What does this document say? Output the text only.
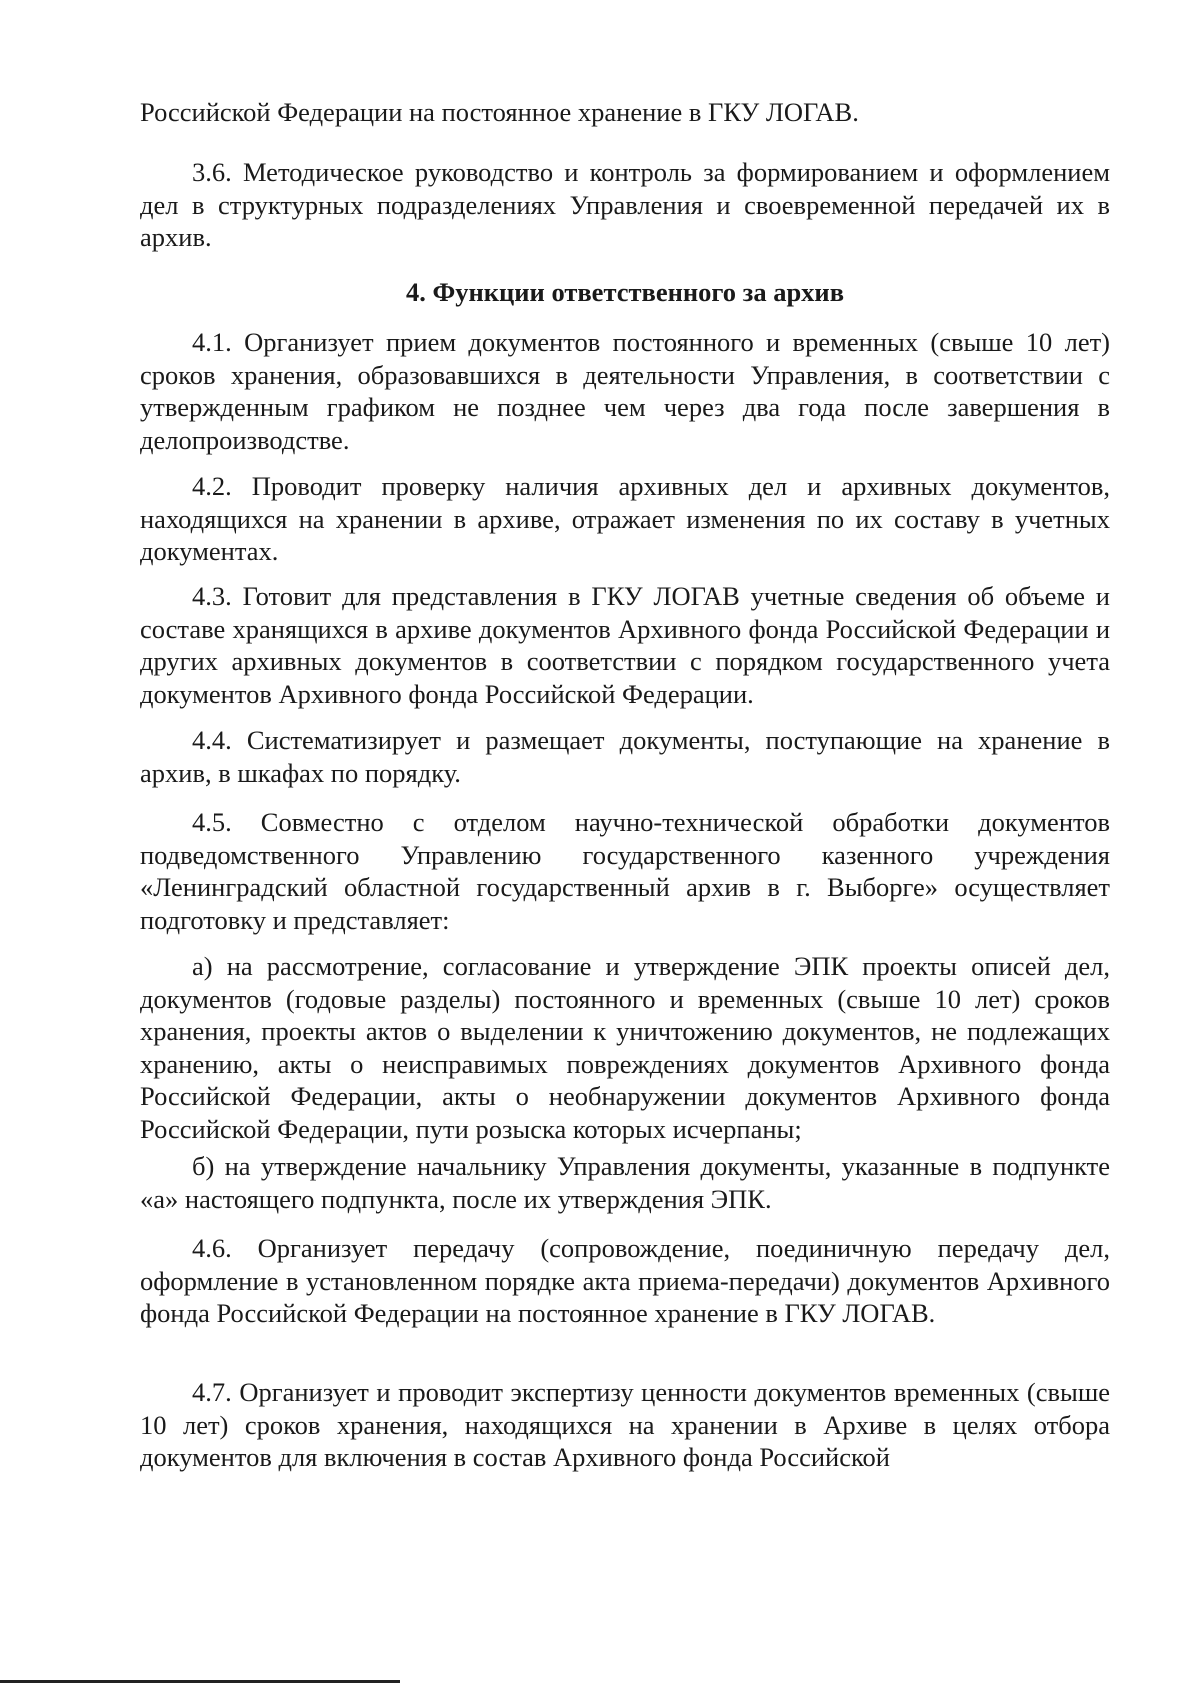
Российской Федерации на постоянное хранение в ГКУ ЛОГАВ.

3.6. Методическое руководство и контроль за формированием и оформлением дел в структурных подразделениях Управления и своевременной передачей их в архив.

4. Функции ответственного за архив

4.1. Организует прием документов постоянного и временных (свыше 10 лет) сроков хранения, образовавшихся в деятельности Управления, в соответствии с утвержденным графиком не позднее чем через два года после завершения в делопроизводстве.

4.2. Проводит проверку наличия архивных дел и архивных документов, находящихся на хранении в архиве, отражает изменения по их составу в учетных документах.

4.3. Готовит для представления в ГКУ ЛОГАВ учетные сведения об объеме и составе хранящихся в архиве документов Архивного фонда Российской Федерации и других архивных документов в соответствии с порядком государственного учета документов Архивного фонда Российской Федерации.

4.4. Систематизирует и размещает документы, поступающие на хранение в архив, в шкафах по порядку.

4.5. Совместно с отделом научно-технической обработки документов подведомственного Управлению государственного казенного учреждения «Ленинградский областной государственный архив в г. Выборге» осуществляет подготовку и представляет:

а) на рассмотрение, согласование и утверждение ЭПК проекты описей дел, документов (годовые разделы) постоянного и временных (свыше 10 лет) сроков хранения, проекты актов о выделении к уничтожению документов, не подлежащих хранению, акты о неисправимых повреждениях документов Архивного фонда Российской Федерации, акты о необнаружении документов Архивного фонда Российской Федерации, пути розыска которых исчерпаны;

б) на утверждение начальнику Управления документы, указанные в подпункте «а» настоящего подпункта, после их утверждения ЭПК.

4.6. Организует передачу (сопровождение, поединичную передачу дел, оформление в установленном порядке акта приема-передачи) документов Архивного фонда Российской Федерации на постоянное хранение в ГКУ ЛОГАВ.

4.7. Организует и проводит экспертизу ценности документов временных (свыше 10 лет) сроков хранения, находящихся на хранении в Архиве в целях отбора документов для включения в состав Архивного фонда Российской
